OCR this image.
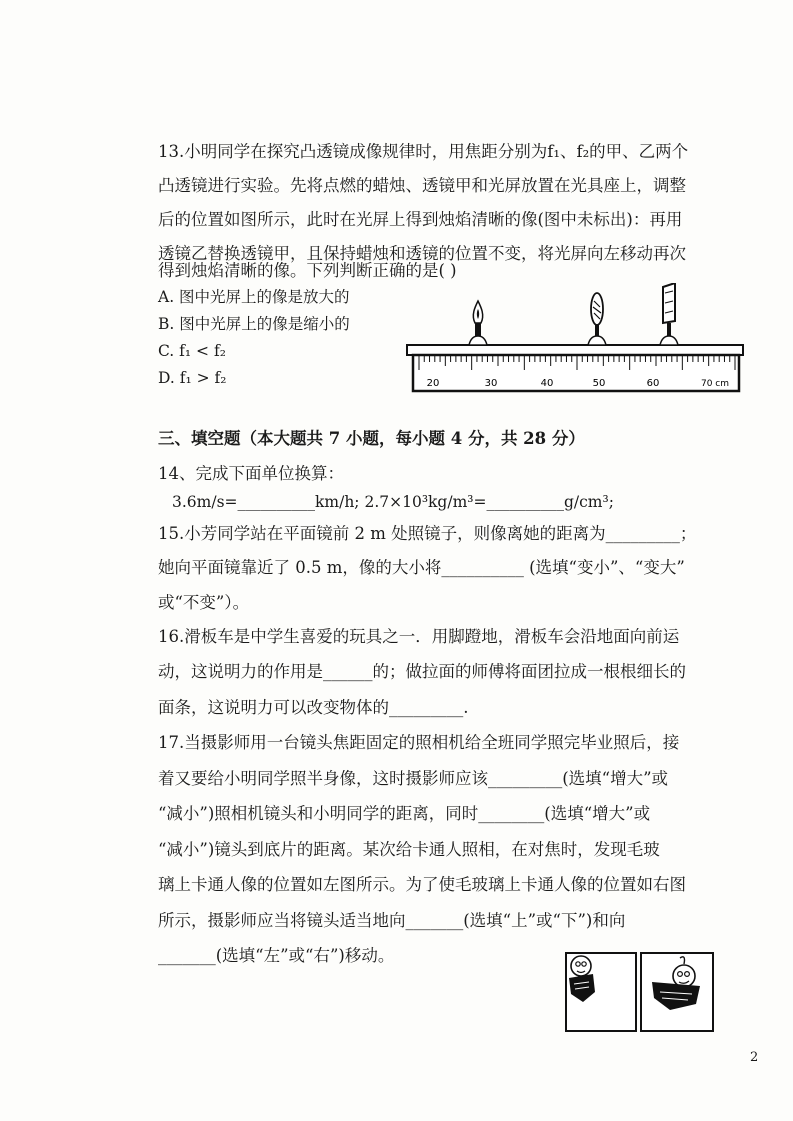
13.小明同学在探究凸透镜成像规律时，用焦距分别为f₁、f₂的甲、乙两个
凸透镜进行实验。先将点燃的蜡烛、透镜甲和光屏放置在光具座上，调整
后的位置如图所示，此时在光屏上得到烛焰清晰的像(图中未标出)：再用
透镜乙替换透镜甲，且保持蜡烛和透镜的位置不变，将光屏向左移动再次
得到烛焰清晰的像。下列判断正确的是( )
A. 图中光屏上的像是放大的
B. 图中光屏上的像是缩小的
C. f₁ < f₂
D. f₁ > f₂	20	30	40	50	60	70 cm
三、填空题（本大题共 7 小题，每小题 4 分，共 28 分）
14、完成下面单位换算：
3.6m/s=__________km/h; 2.7×10³kg/m³=__________g/cm³;
15.小芳同学站在平面镜前 2 m 处照镜子，则像离她的距离为_________；
她向平面镜靠近了 0.5 m，像的大小将__________ (选填“变小”、“变大”
或“不变”）。
16.滑板车是中学生喜爱的玩具之一．用脚蹬地，滑板车会沿地面向前运
动，这说明力的作用是______的；做拉面的师傅将面团拉成一根根细长的
面条，这说明力可以改变物体的_________.
17.当摄影师用一台镜头焦距固定的照相机给全班同学照完毕业照后，接
着又要给小明同学照半身像，这时摄影师应该_________(选填“增大”或
“减小”)照相机镜头和小明同学的距离，同时________(选填“增大”或
“减小”)镜头到底片的距离。某次给卡通人照相，在对焦时，发现毛玻
璃上卡通人像的位置如左图所示。为了使毛玻璃上卡通人像的位置如右图
所示，摄影师应当将镜头适当地向_______(选填“上”或“下”)和向
_______(选填“左”或“右”)移动。
2
